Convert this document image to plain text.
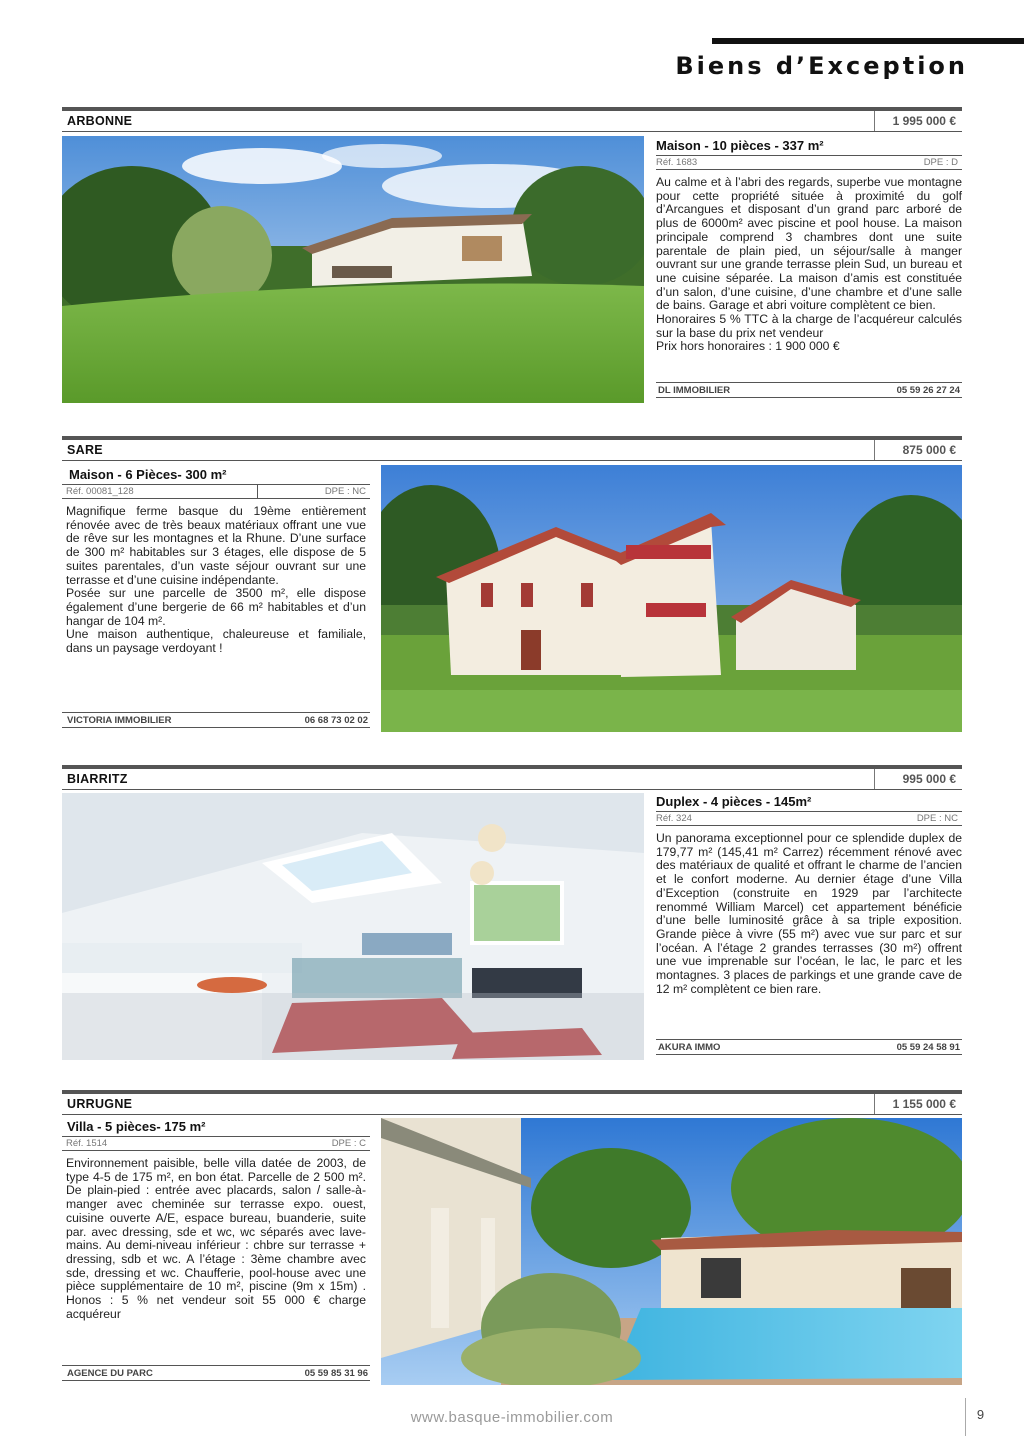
Biens d’Exception
ARBONNE	1 995 000 €
Maison - 10 pièces - 337 m²
Réf. 1683	DPE : D

Au calme et à l’abri des regards, superbe vue montagne pour cette propriété située à proximité du golf d’Arcangues et disposant d’un grand parc arboré de plus de 6000m² avec piscine et pool house. La maison principale comprend 3 chambres dont une suite parentale de plain pied, un séjour/salle à manger ouvrant sur une grande terrasse plein Sud, un bureau et une cuisine séparée. La maison d’amis est constituée d’un salon, d’une cuisine, d’une chambre et d’une salle de bains. Garage et abri voiture complètent ce bien.

Honoraires 5 % TTC à la charge de l’acquéreur calculés sur la base du prix net vendeur

Prix hors honoraires : 1 900 000 €

DL IMMOBILIER	05 59 26 27 24
SARE	875 000 €
Maison - 6 Pièces- 300 m²
Réf. 00081_128	DPE : NC

Magnifique ferme basque du 19ème entièrement rénovée avec de très beaux matériaux offrant une vue de rêve sur les montagnes et la Rhune. D’une surface de 300 m² habitables sur 3 étages, elle dispose de 5 suites parentales, d’un vaste séjour ouvrant sur une terrasse et d’une cuisine indépendante.

Posée sur une parcelle de 3500 m², elle dispose également d’une bergerie de 66 m² habitables et d’un hangar de 104 m².

Une maison authentique, chaleureuse et familiale, dans un paysage verdoyant !

VICTORIA IMMOBILIER	06 68 73 02 02
BIARRITZ	995 000 €
Duplex - 4 pièces - 145m²
Réf. 324	DPE : NC

Un panorama exceptionnel pour ce splendide duplex de 179,77 m² (145,41 m² Carrez) récemment rénové avec des matériaux de qualité et offrant le charme de l’ancien et le confort moderne. Au dernier étage d’une Villa d’Exception (construite en 1929 par l’architecte renommé William Marcel) cet appartement bénéficie d’une belle luminosité grâce à sa triple exposition. Grande pièce à vivre (55 m²) avec vue sur parc et sur l’océan. A l’étage 2 grandes terrasses (30 m²) offrent une vue imprenable sur l’océan, le lac, le parc et les montagnes. 3 places de parkings et une grande cave de 12 m² complètent ce bien rare.

AKURA IMMO	05 59 24 58 91
URRUGNE	1 155 000 €
Villa - 5 pièces- 175 m²
Réf. 1514	DPE : C

Environnement paisible, belle villa datée de 2003, de type 4-5 de 175 m², en bon état. Parcelle de 2 500 m². De plain-pied : entrée avec placards, salon / salle-à-manger avec cheminée sur terrasse expo. ouest, cuisine ouverte A/E, espace bureau, buanderie, suite par. avec dressing, sde et wc, wc séparés avec lave-mains. Au demi-niveau inférieur : chbre sur terrasse + dressing, sdb et wc. A l’étage : 3ème chambre avec sde, dressing et wc. Chaufferie, pool-house avec une pièce supplémentaire de 10 m², piscine (9m x 15m) . Honos : 5 % net vendeur soit 55 000 € charge acquéreur

AGENCE DU PARC	05 59 85 31 96
www.basque-immobilier.com	9
